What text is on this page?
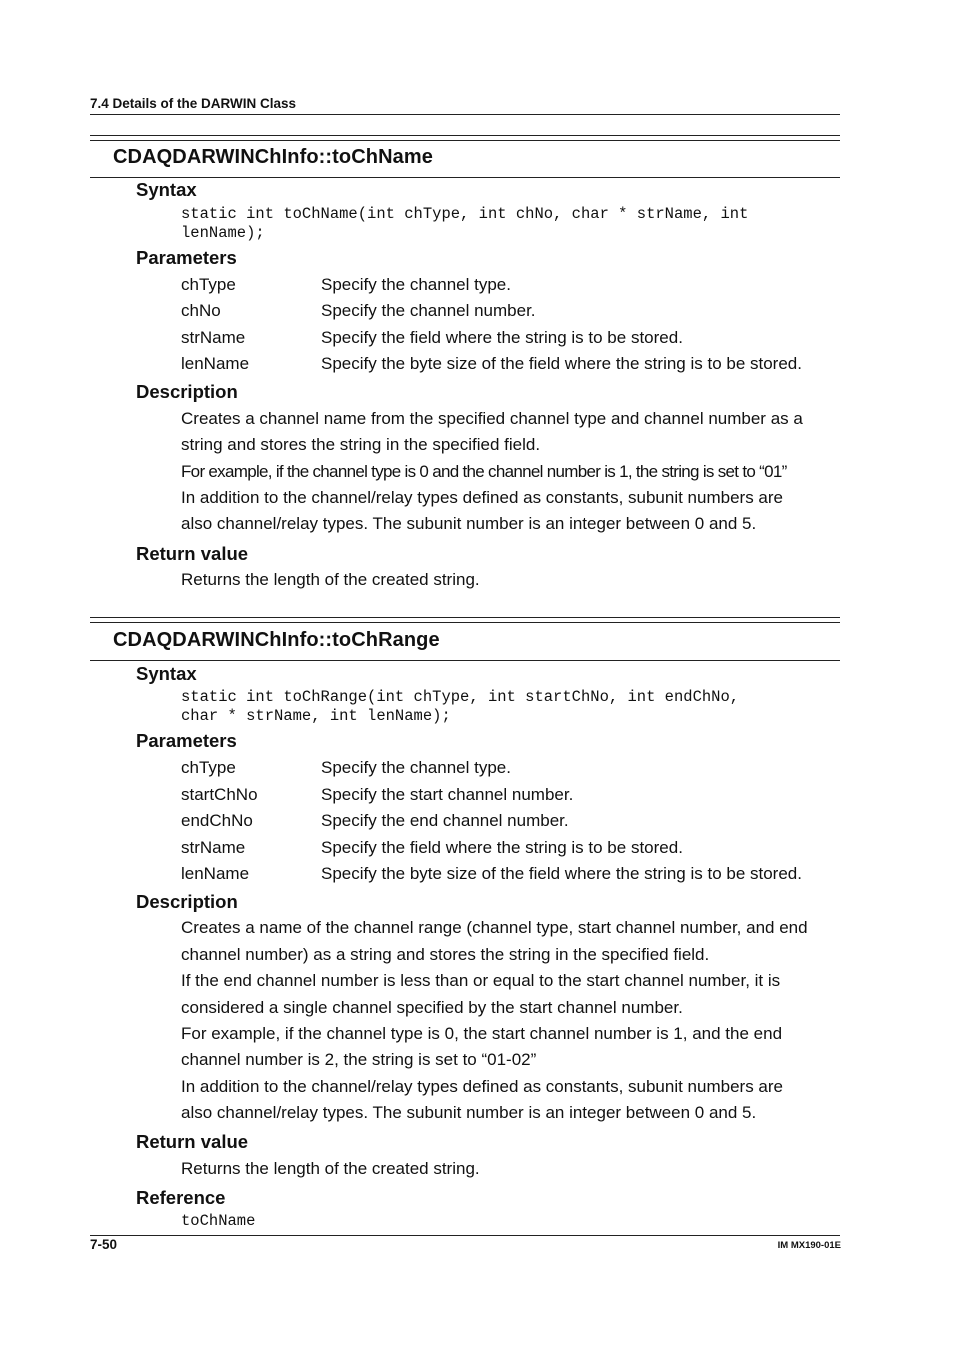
7.4 Details of the DARWIN Class
CDAQDARWINChInfo::toChName
Syntax
static int toChName(int chType, int chNo, char * strName, int
lenName);
Parameters
chType	Specify the channel type.
chNo	Specify the channel number.
strName	Specify the field where the string is to be stored.
lenName	Specify the byte size of the field where the string is to be stored.
Description
Creates a channel name from the specified channel type and channel number as a
string and stores the string in the specified field.
For example, if the channel type is 0 and the channel number is 1, the string is set to “01”
In addition to the channel/relay types defined as constants, subunit numbers are
also channel/relay types. The subunit number is an integer between 0 and 5.
Return value
Returns the length of the created string.
CDAQDARWINChInfo::toChRange
Syntax
static int toChRange(int chType, int startChNo, int endChNo,
char * strName, int lenName);
Parameters
chType	Specify the channel type.
startChNo	Specify the start channel number.
endChNo	Specify the end channel number.
strName	Specify the field where the string is to be stored.
lenName	Specify the byte size of the field where the string is to be stored.
Description
Creates a name of the channel range (channel type, start channel number, and end
channel number) as a string and stores the string in the specified field.
If the end channel number is less than or equal to the start channel number, it is
considered a single channel specified by the start channel number.
For example, if the channel type is 0, the start channel number is 1, and the end
channel number is 2, the string is set to “01-02”
In addition to the channel/relay types defined as constants, subunit numbers are
also channel/relay types. The subunit number is an integer between 0 and 5.
Return value
Returns the length of the created string.
Reference
toChName
7-50	IM MX190-01E
